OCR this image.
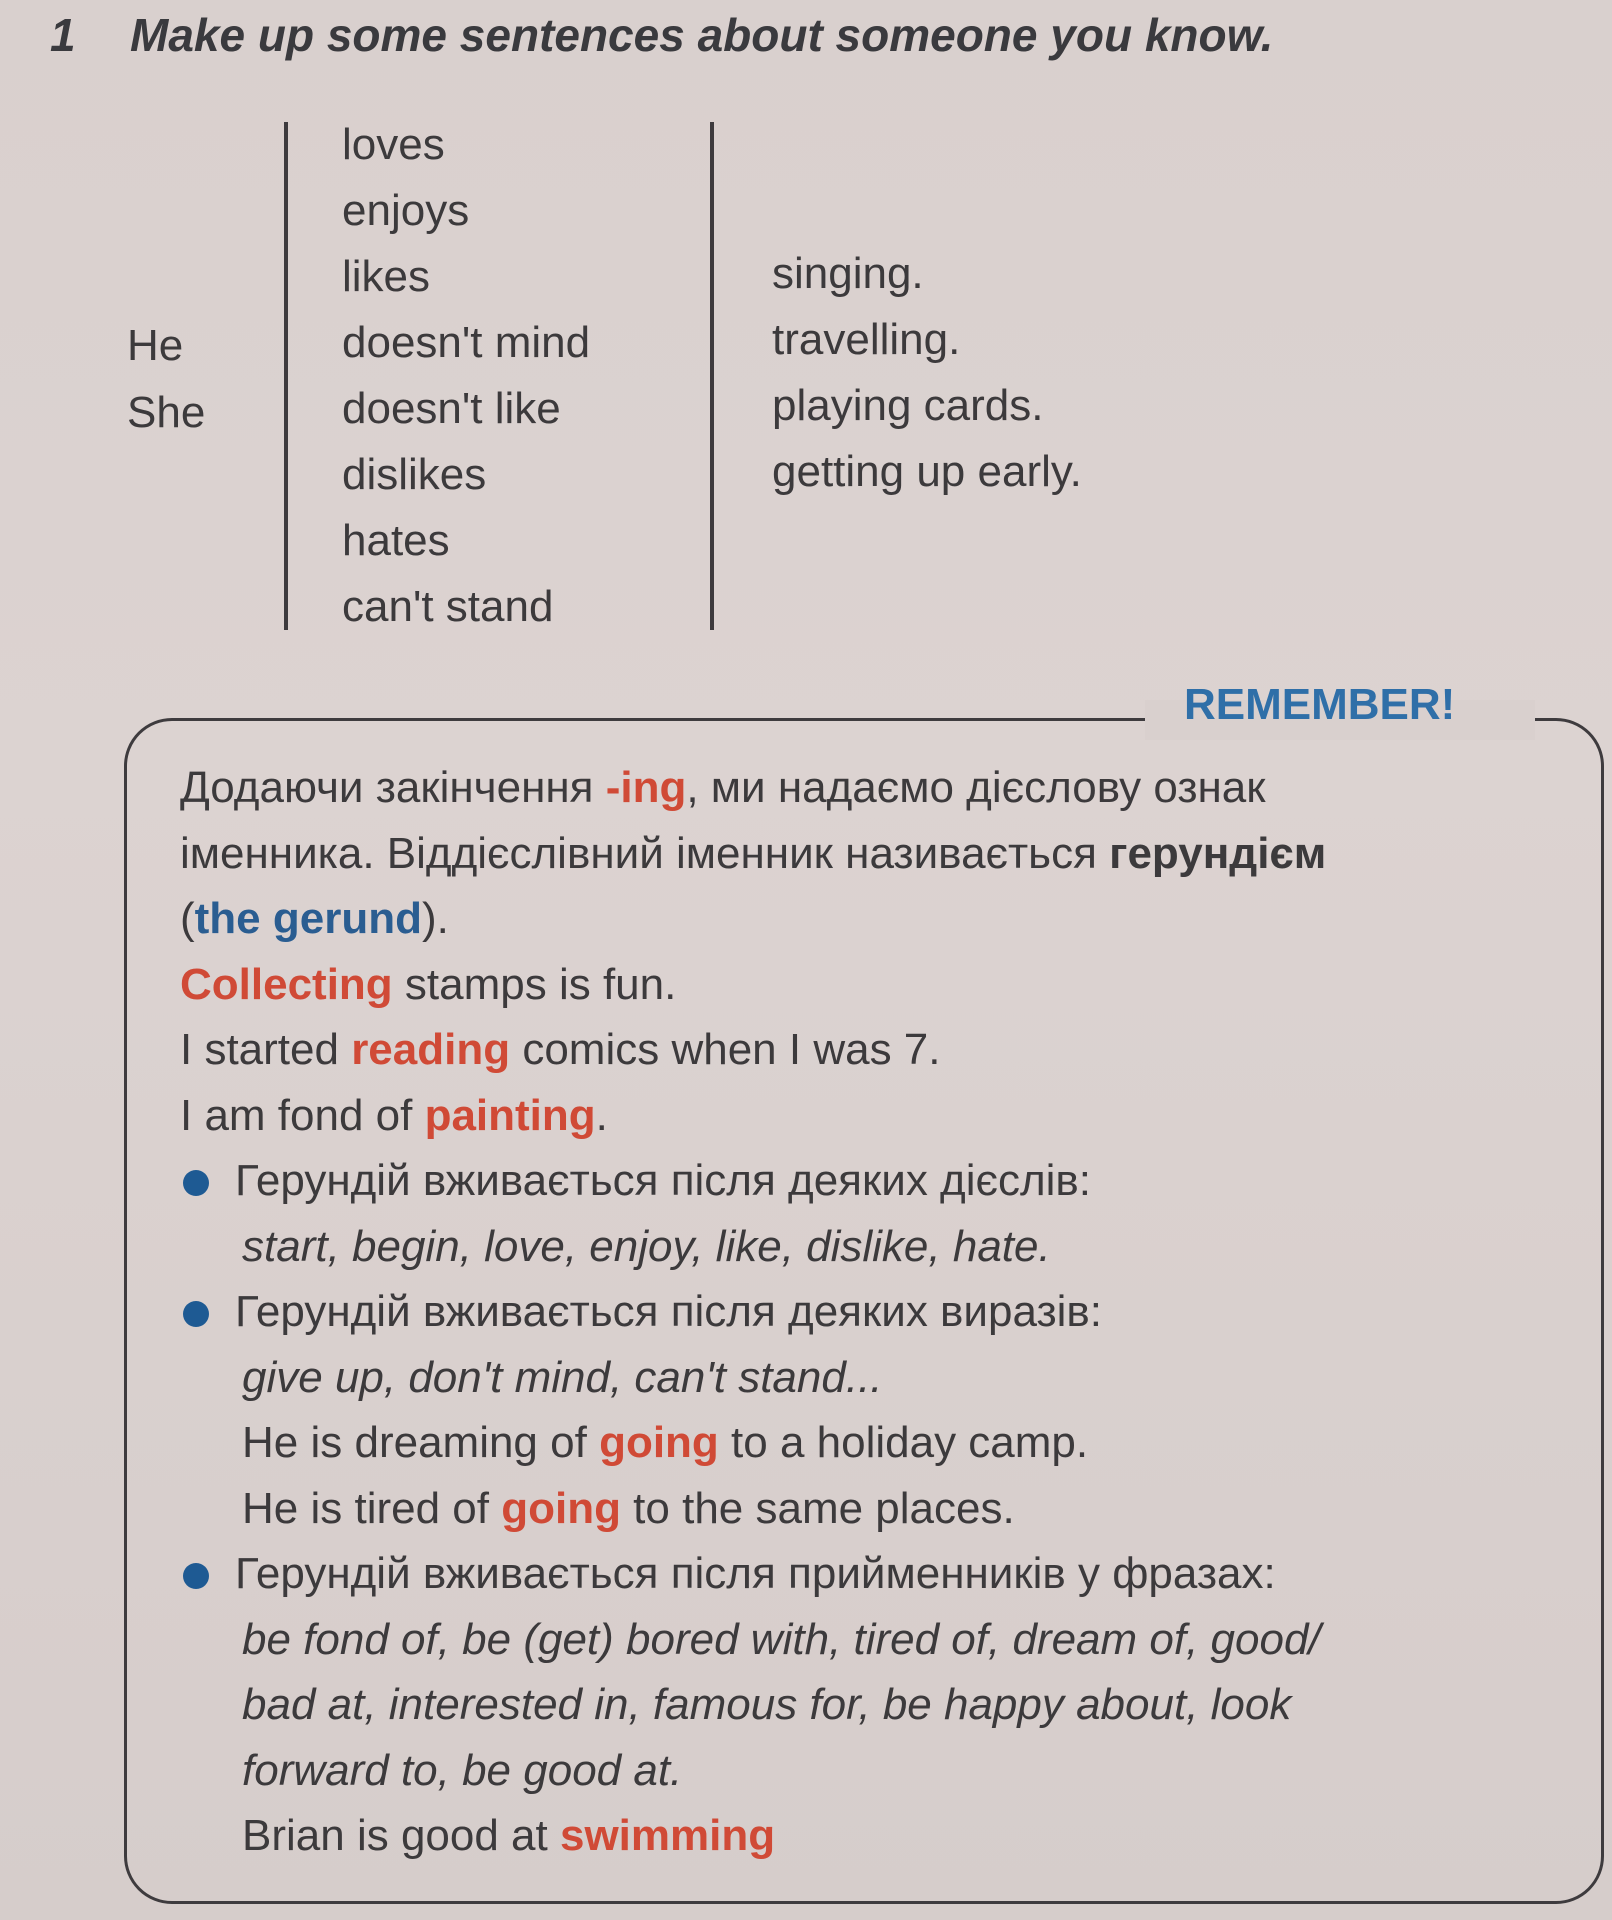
1 Make up some sentences about someone you know.
He
She
loves
enjoys
likes
doesn't mind
doesn't like
dislikes
hates
can't stand
singing.
travelling.
playing cards.
getting up early.
REMEMBER!

Додаючи закінчення -ing, ми надаємо дієслову ознак

іменника. Віддієслівний іменник називається герундієм

(the gerund).

Collecting stamps is fun.

I started reading comics when I was 7.

I am fond of painting.

Герундій вживається після деяких дієслів:

start, begin, love, enjoy, like, dislike, hate.

Герундій вживається після деяких виразів:

give up, don't mind, can't stand...

He is dreaming of going to a holiday camp.

He is tired of going to the same places.

Герундій вживається після прийменників у фразах:

be fond of, be (get) bored with, tired of, dream of, good/

bad at, interested in, famous for, be happy about, look

forward to, be good at.

Brian is good at swimming
